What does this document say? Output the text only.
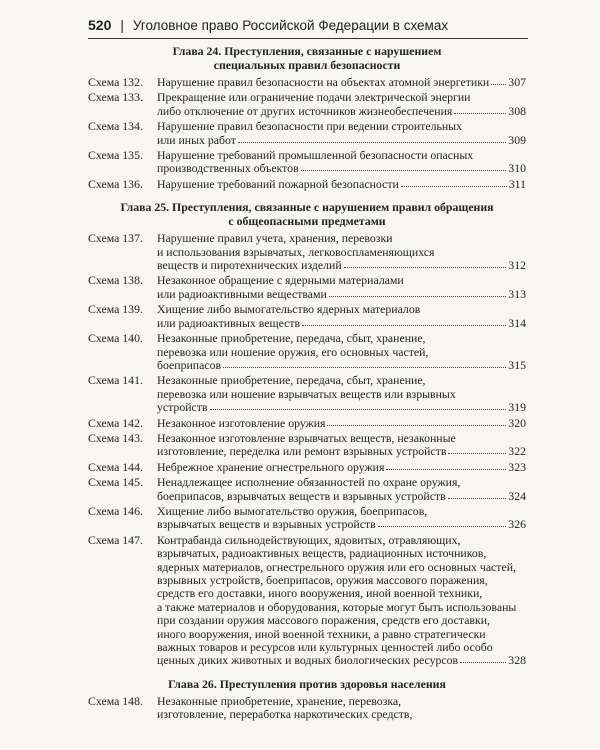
520 | Уголовное право Российской Федерации в схемах
Глава 24. Преступления, связанные с нарушением
специальных правил безопасности
Схема 132.	Нарушение правил безопасности на объектах атомной энергетики 307
Схема 133.	Прекращение или ограничение подачи электрической энергии
либо отключение от других источников жизнеобеспечения	308
Схема 134.	Нарушение правил безопасности при ведении строительных
или иных работ	309
Схема 135.	Нарушение требований промышленной безопасности опасных
производственных объектов	310
Схема 136.	Нарушение требований пожарной безопасности	311
Глава 25. Преступления, связанные с нарушением правил обращения
с общеопасными предметами
Схема 137.	Нарушение правил учета, хранения, перевозки
и использования взрывчатых, легковоспламеняющихся
веществ и пиротехнических изделий	312
Схема 138.	Незаконное обращение с ядерными материалами
или радиоактивными веществами	313
Схема 139.	Хищение либо вымогательство ядерных материалов
или радиоактивных веществ	314
Схема 140.	Незаконные приобретение, передача, сбыт, хранение,
перевозка или ношение оружия, его основных частей,
боеприпасов	315
Схема 141.	Незаконные приобретение, передача, сбыт, хранение,
перевозка или ношение взрывчатых веществ или взрывных
устройств	319
Схема 142.	Незаконное изготовление оружия	320
Схема 143.	Незаконное изготовление взрывчатых веществ, незаконные
изготовление, переделка или ремонт взрывных устройств	322
Схема 144.	Небрежное хранение огнестрельного оружия	323
Схема 145.	Ненадлежащее исполнение обязанностей по охране оружия,
боеприпасов, взрывчатых веществ и взрывных устройств	324
Схема 146.	Хищение либо вымогательство оружия, боеприпасов,
взрывчатых веществ и взрывных устройств	326
Схема 147.	Контрабанда сильнодействующих, ядовитых, отравляющих,
взрывчатых, радиоактивных веществ, радиационных источников,
ядерных материалов, огнестрельного оружия или его основных частей,
взрывных устройств, боеприпасов, оружия массового поражения,
средств его доставки, иного вооружения, иной военной техники,
а также материалов и оборудования, которые могут быть использованы
при создании оружия массового поражения, средств его доставки,
иного вооружения, иной военной техники, а равно стратегически
важных товаров и ресурсов или культурных ценностей либо особо
ценных диких животных и водных биологических ресурсов	328
Глава 26. Преступления против здоровья населения
Схема 148.	Незаконные приобретение, хранение, перевозка,
изготовление, переработка наркотических средств,
